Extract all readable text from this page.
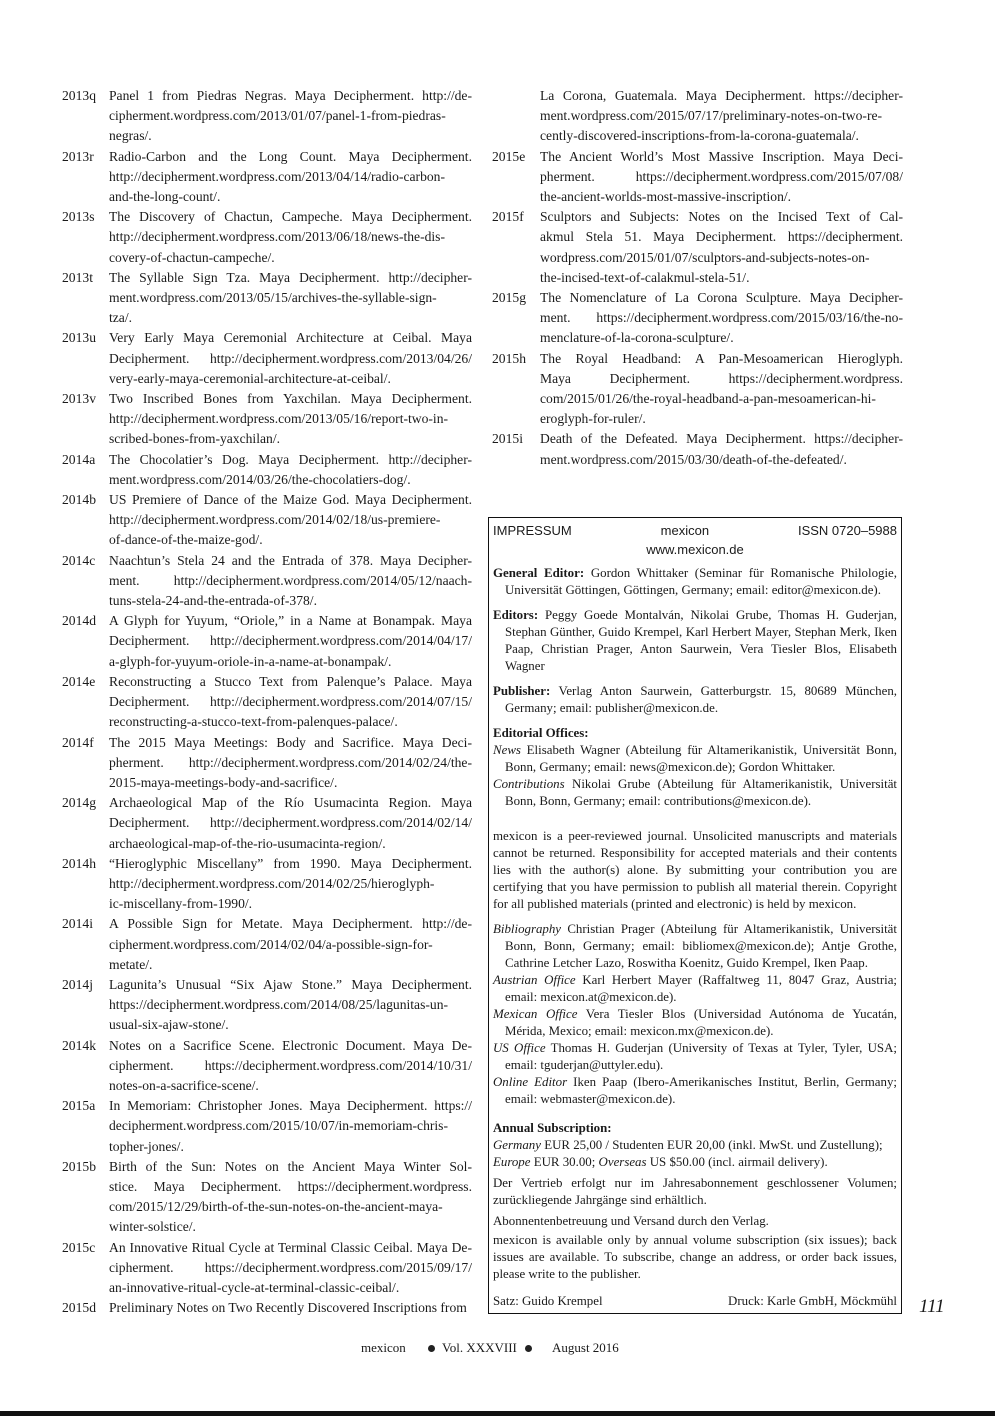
2013q Panel 1 from Piedras Negras. Maya Decipherment. http://de-
cipherment.wordpress.com/2013/01/07/panel-1-from-piedras-
negras/.
2013r	Radio-Carbon and the Long Count. Maya Decipherment.
http://decipherment.wordpress.com/2013/04/14/radio-carbon-
and-the-long-count/.
2013s	The Discovery of Chactun, Campeche. Maya Decipherment.
http://decipherment.wordpress.com/2013/06/18/news-the-dis-
covery-of-chactun-campeche/.
2013t	The Syllable Sign Tza. Maya Decipherment. http://decipher-
ment.wordpress.com/2013/05/15/archives-the-syllable-sign-
tza/.
2013u Very Early Maya Ceremonial Architecture at Ceibal. Maya
Decipherment. http://decipherment.wordpress.com/2013/04/26/
very-early-maya-ceremonial-architecture-at-ceibal/.
2013v Two Inscribed Bones from Yaxchilan. Maya Decipherment.
http://decipherment.wordpress.com/2013/05/16/report-two-in-
scribed-bones-from-yaxchilan/.
2014a	The Chocolatier’s Dog. Maya Decipherment. http://decipher-
ment.wordpress.com/2014/03/26/the-chocolatiers-dog/.
2014b US Premiere of Dance of the Maize God. Maya Decipherment.
http://decipherment.wordpress.com/2014/02/18/us-premiere-
of-dance-of-the-maize-god/.
2014c	Naachtun’s Stela 24 and the Entrada of 378. Maya Decipher-
ment. http://decipherment.wordpress.com/2014/05/12/naach-
tuns-stela-24-and-the-entrada-of-378/.
2014d A Glyph for Yuyum, “Oriole,” in a Name at Bonampak. Maya
Decipherment. http://decipherment.wordpress.com/2014/04/17/
a-glyph-for-yuyum-oriole-in-a-name-at-bonampak/.
2014e	Reconstructing a Stucco Text from Palenque’s Palace. Maya
Decipherment. http://decipherment.wordpress.com/2014/07/15/
reconstructing-a-stucco-text-from-palenques-palace/.
2014f	The 2015 Maya Meetings: Body and Sacrifice. Maya Deci-
pherment. http://decipherment.wordpress.com/2014/02/24/the-
2015-maya-meetings-body-and-sacrifice/.
2014g Archaeological Map of the Río Usumacinta Region. Maya
Decipherment. http://decipherment.wordpress.com/2014/02/14/
archaeological-map-of-the-rio-usumacinta-region/.
2014h “Hieroglyphic Miscellany” from 1990. Maya Decipherment.
http://decipherment.wordpress.com/2014/02/25/hieroglyph-
ic-miscellany-from-1990/.
2014i	A Possible Sign for Metate. Maya Decipherment. http://de-
cipherment.wordpress.com/2014/02/04/a-possible-sign-for-
metate/.
2014j	Lagunita’s Unusual “Six Ajaw Stone.” Maya Decipherment.
https://decipherment.wordpress.com/2014/08/25/lagunitas-un-
usual-six-ajaw-stone/.
2014k Notes on a Sacrifice Scene. Electronic Document. Maya De-
cipherment. https://decipherment.wordpress.com/2014/10/31/
notes-on-a-sacrifice-scene/.
2015a	In Memoriam: Christopher Jones. Maya Decipherment. https://
decipherment.wordpress.com/2015/10/07/in-memoriam-chris-
topher-jones/.
2015b Birth of the Sun: Notes on the Ancient Maya Winter Sol-
stice. Maya Decipherment. https://decipherment.wordpress.
com/2015/12/29/birth-of-the-sun-notes-on-the-ancient-maya-
winter-solstice/.
2015c	An Innovative Ritual Cycle at Terminal Classic Ceibal. Maya De-
cipherment. https://decipherment.wordpress.com/2015/09/17/
an-innovative-ritual-cycle-at-terminal-classic-ceibal/.
2015d Preliminary Notes on Two Recently Discovered Inscriptions from
La Corona, Guatemala. Maya Decipherment. https://decipher-
ment.wordpress.com/2015/07/17/preliminary-notes-on-two-re-
cently-discovered-inscriptions-from-la-corona-guatemala/.
2015e	The Ancient World’s Most Massive Inscription. Maya Deci-
pherment. https://decipherment.wordpress.com/2015/07/08/
the-ancient-worlds-most-massive-inscription/.
2015f	Sculptors and Subjects: Notes on the Incised Text of Cal-
akmul Stela 51. Maya Decipherment. https://decipherment.
wordpress.com/2015/01/07/sculptors-and-subjects-notes-on-
the-incised-text-of-calakmul-stela-51/.
2015g	The Nomenclature of La Corona Sculpture. Maya Decipher-
ment. https://decipherment.wordpress.com/2015/03/16/the-no-
menclature-of-la-corona-sculpture/.
2015h	The Royal Headband: A Pan-Mesoamerican Hieroglyph.
Maya Decipherment. https://decipherment.wordpress.
com/2015/01/26/the-royal-headband-a-pan-mesoamerican-hi-
eroglyph-for-ruler/.
2015i	Death of the Defeated. Maya Decipherment. https://decipher-
ment.wordpress.com/2015/03/30/death-of-the-defeated/.
IMPRESSUM	mexicon	ISSN 0720–5988
www.mexicon.de
General Editor: Gordon Whittaker (Seminar für Romanische Philologie, Universität Göttingen, Göttingen, Germany; email: editor@mexicon.de).
Editors: Peggy Goede Montalván, Nikolai Grube, Thomas H. Guderjan, Stephan Günther, Guido Krempel, Karl Herbert Mayer, Stephan Merk, Iken Paap, Christian Prager, Anton Saurwein, Vera Tiesler Blos, Elisabeth Wagner
Publisher: Verlag Anton Saurwein, Gatterburgstr. 15, 80689 München, Germany; email: publisher@mexicon.de.
Editorial Offices:
News Elisabeth Wagner (Abteilung für Altamerikanistik, Universität Bonn, Bonn, Germany; email: news@mexicon.de); Gordon Whittaker.
Contributions Nikolai Grube (Abteilung für Altamerikanistik, Universität Bonn, Bonn, Germany; email: contributions@mexicon.de).
mexicon is a peer-reviewed journal. Unsolicited manuscripts and materials cannot be returned. Responsibility for accepted materials and their contents lies with the author(s) alone. By submitting your contribution you are certifying that you have permission to publish all material therein. Copyright for all published materials (printed and electronic) is held by mexicon.
Bibliography Christian Prager (Abteilung für Altamerikanistik, Universität Bonn, Bonn, Germany; email: bibliomex@mexicon.de); Antje Grothe, Cathrine Letcher Lazo, Roswitha Koenitz, Guido Krempel, Iken Paap.
Austrian Office Karl Herbert Mayer (Raffaltweg 11, 8047 Graz, Austria; email: mexicon.at@mexicon.de).
Mexican Office Vera Tiesler Blos (Universidad Autónoma de Yucatán, Mérida, Mexico; email: mexicon.mx@mexicon.de).
US Office Thomas H. Guderjan (University of Texas at Tyler, Tyler, USA; email: tguderjan@uttyler.edu).
Online Editor Iken Paap (Ibero-Amerikanisches Institut, Berlin, Germany; email: webmaster@mexicon.de).
Annual Subscription:
Germany EUR 25,00 / Studenten EUR 20,00 (inkl. MwSt. und Zustellung);
Europe EUR 30.00; Overseas US $50.00 (incl. airmail delivery).
Der Vertrieb erfolgt nur im Jahresabonnement geschlossener Volumen; zurückliegende Jahrgänge sind erhältlich.
Abonnentenbetreuung und Versand durch den Verlag.
mexicon is available only by annual volume subscription (six issues); back issues are available. To subscribe, change an address, or order back issues, please write to the publisher.
Satz: Guido Krempel	Druck: Karle GmbH, Möckmühl 111
mexicon	Vol. XXXVIII	August 2016
